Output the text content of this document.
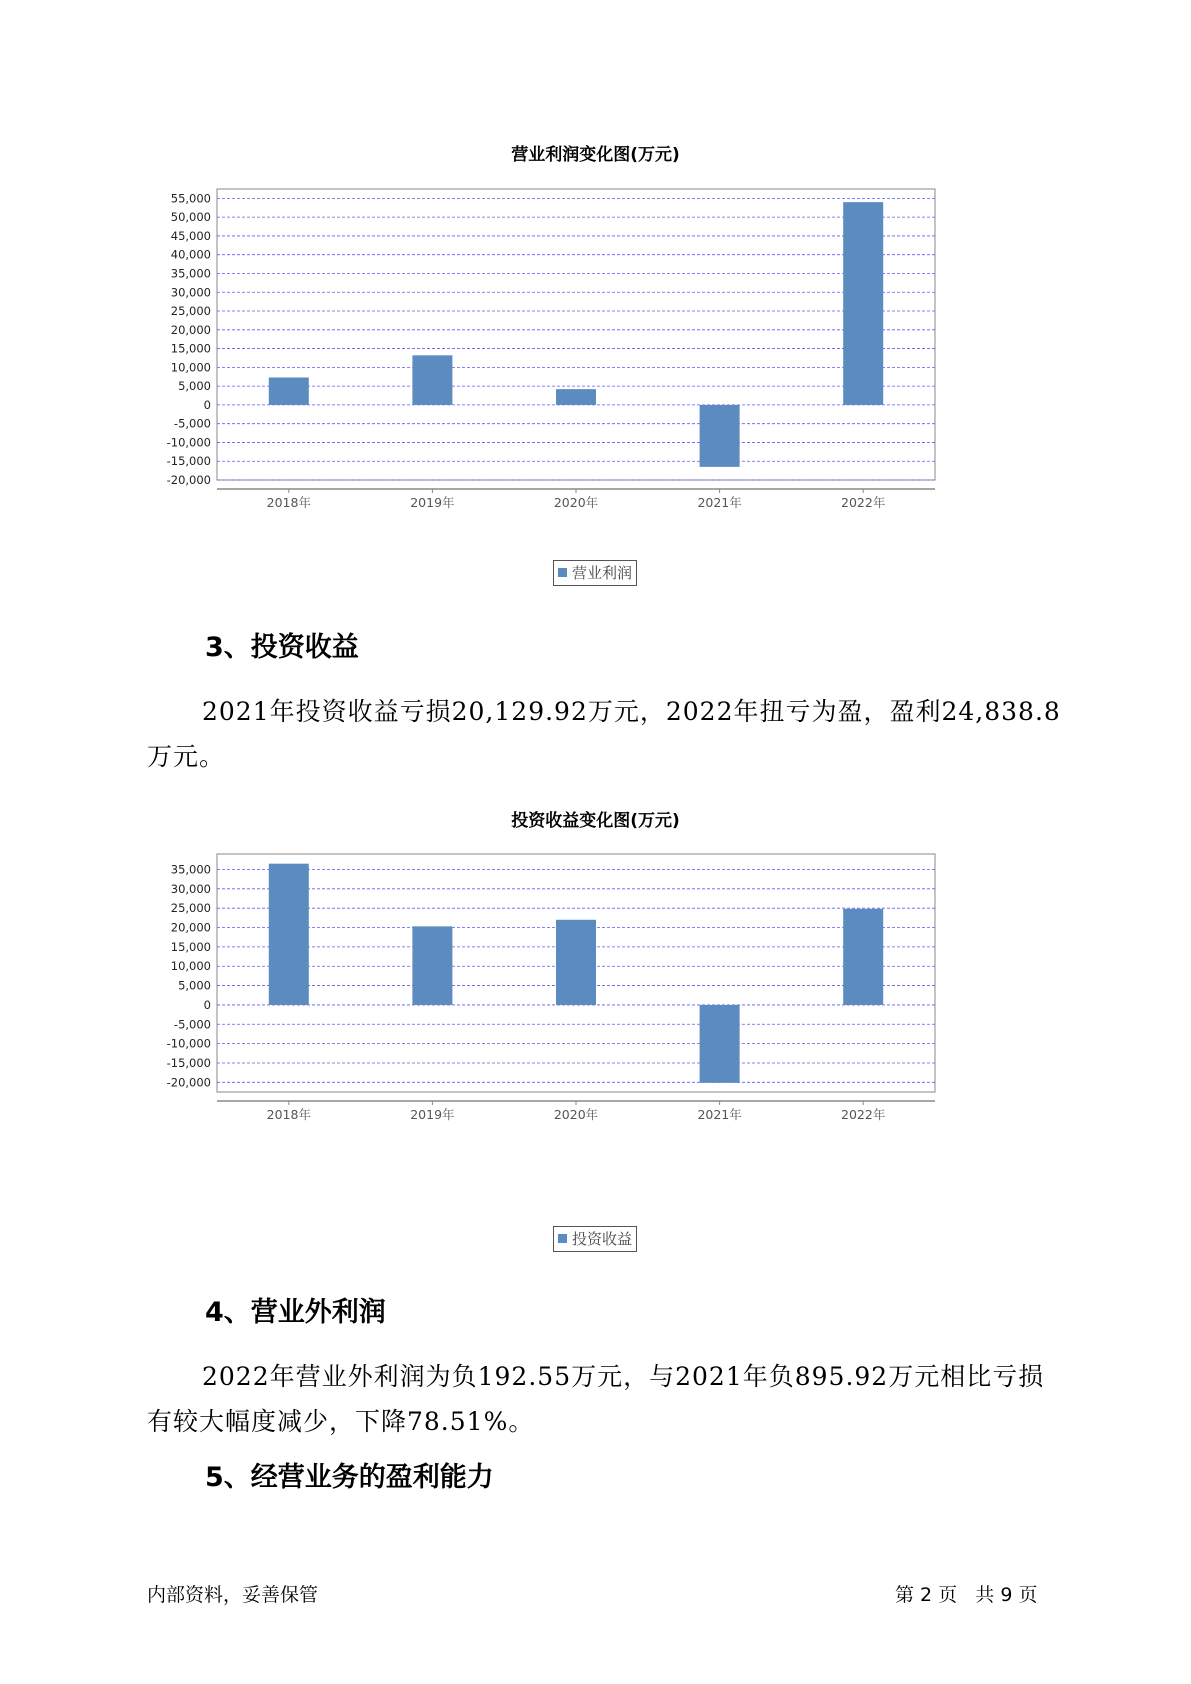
营业利润变化图(万元)
55,000
50,000
45,000
40,000
35,000
30,000
25,000
20,000
15,000
10,000
5,000
0
-5,000
-10,000
-15,000
-20,000
2018年	2019年	2020年	2021年	2022年
营业利润
3、投资收益
2021年投资收益亏损20,129.92万元，2022年扭亏为盈，盈利24,838.8
万元。
投资收益变化图(万元)
35,000
30,000
25,000
20,000
15,000
10,000
5,000
0
-5,000
-10,000
-15,000
-20,000
2018年	2019年	2020年	2021年	2022年
投资收益
4、营业外利润
2022年营业外利润为负192.55万元，与2021年负895.92万元相比亏损
有较大幅度减少，下降78.51%。
5、经营业务的盈利能力
内部资料，妥善保管	第 2 页   共 9 页
